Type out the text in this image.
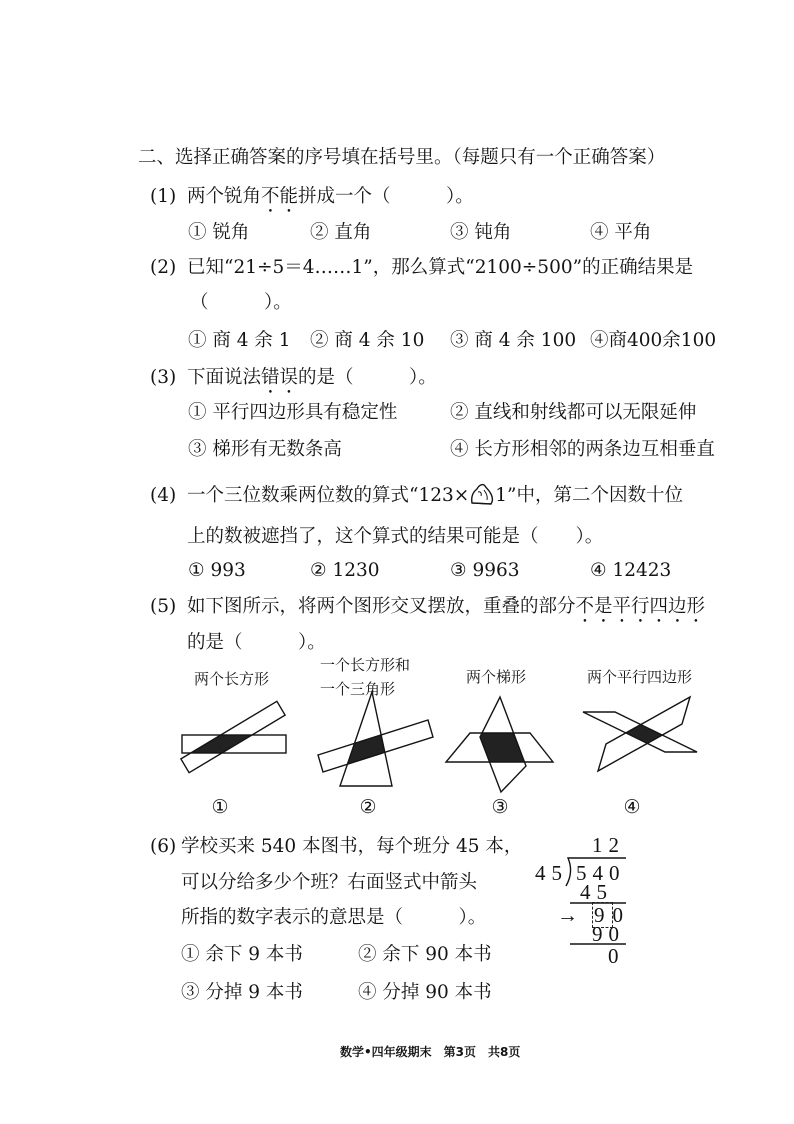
二、选择正确答案的序号填在括号里。（每题只有一个正确答案）
(1) 两个锐角不能拼成一个（　　　）。
① 锐角	② 直角	③ 钝角	④ 平角
(2) 已知“21÷5＝4……1”，那么算式“2100÷500”的正确结果是
（　　　）。
① 商 4 余 1 ② 商 4 余 10 ③ 商 4 余 100 ④商400余100
(3) 下面说法错误的是（　　　）。
① 平行四边形具有稳定性	② 直线和射线都可以无限延伸
③ 梯形有无数条高	④ 长方形相邻的两条边互相垂直
(4) 一个三位数乘两位数的算式“123× 1”中，第二个因数十位
上的数被遮挡了，这个算式的结果可能是（　　）。
① 993	② 1230	③ 9963	④ 12423
(5) 如下图所示，将两个图形交叉摆放，重叠的部分不是平行四边形
的是（　　　）。
两个长方形
一个长方形和
一个三角形
两个梯形	两个平行四边形
①	②	③	④
(6) 学校买来 540 本图书，每个班分 45 本，
可以分给多少个班？右面竖式中箭头
所指的数字表示的意思是（　　　）。
① 余下 9 本书	② 余下 90 本书
③ 分掉 9 本书	④ 分掉 90 本书
12
45 540
45
→ 90
90
0
数学•四年级期末　第3页　共8页
